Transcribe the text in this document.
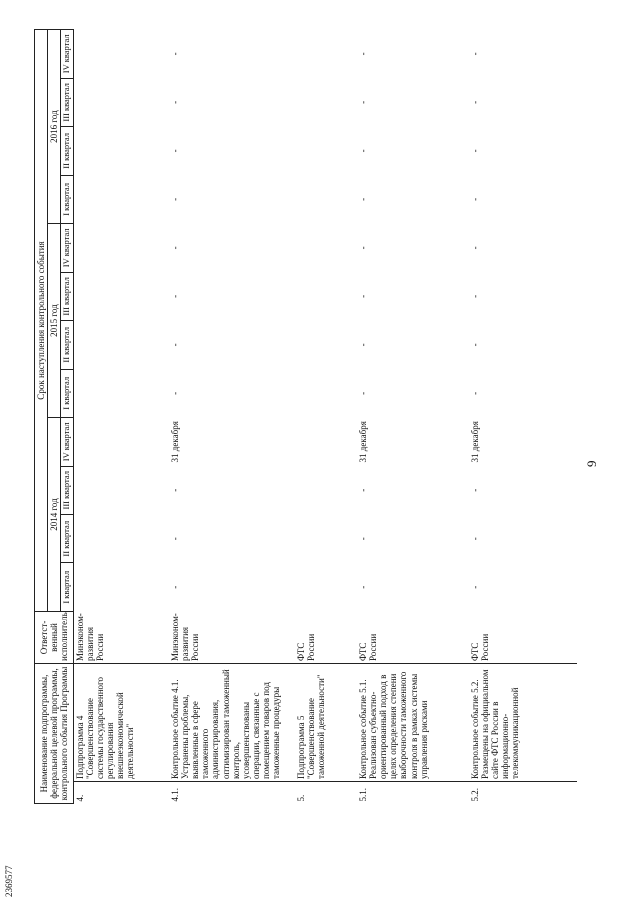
9
2369577
Наименование подпрограммы, федеральной целевой программы, контрольного события Программы		Ответст-венный исполнитель	Срок наступления контрольного события											
			2014 год				2015 год				2016 год			
			I квартал	II квартал	III квартал	IV квартал	I квартал	II квартал	III квартал	IV квартал	I квартал	II квартал	III квартал	IV квартал
4.	Подпрограмма 4 "Совершенствование системы государственного регулирования внешнеэкономической деятельности"	Минэконом-развития России												
4.1.	Контрольное событие 4.1. Устранены проблемы, выявленные в сфере таможенного администрирования, оптимизирован таможенный контроль, усовершенствованы операции, связанные с помещением товаров под таможенные процедуры	Минэконом-развития России	-	-	-	31 декабря	-	-	-	-	-	-	-	-
5.	Подпрограмма 5 "Совершенствование таможенной деятельности"	ФТС России												
5.1.	Контрольное событие 5.1. Реализован субъектно-ориентированный подход в целях определения степени выборочности таможенного контроля в рамках системы управления рисками	ФТС России	-	-	-	31 декабря	-	-	-	-	-	-	-	-
5.2.	Контрольное событие 5.2. Размещены на официальном сайте ФТС России в информационно-телекоммуникационной	ФТС России	-	-	-	31 декабря	-	-	-	-	-	-	-	-
